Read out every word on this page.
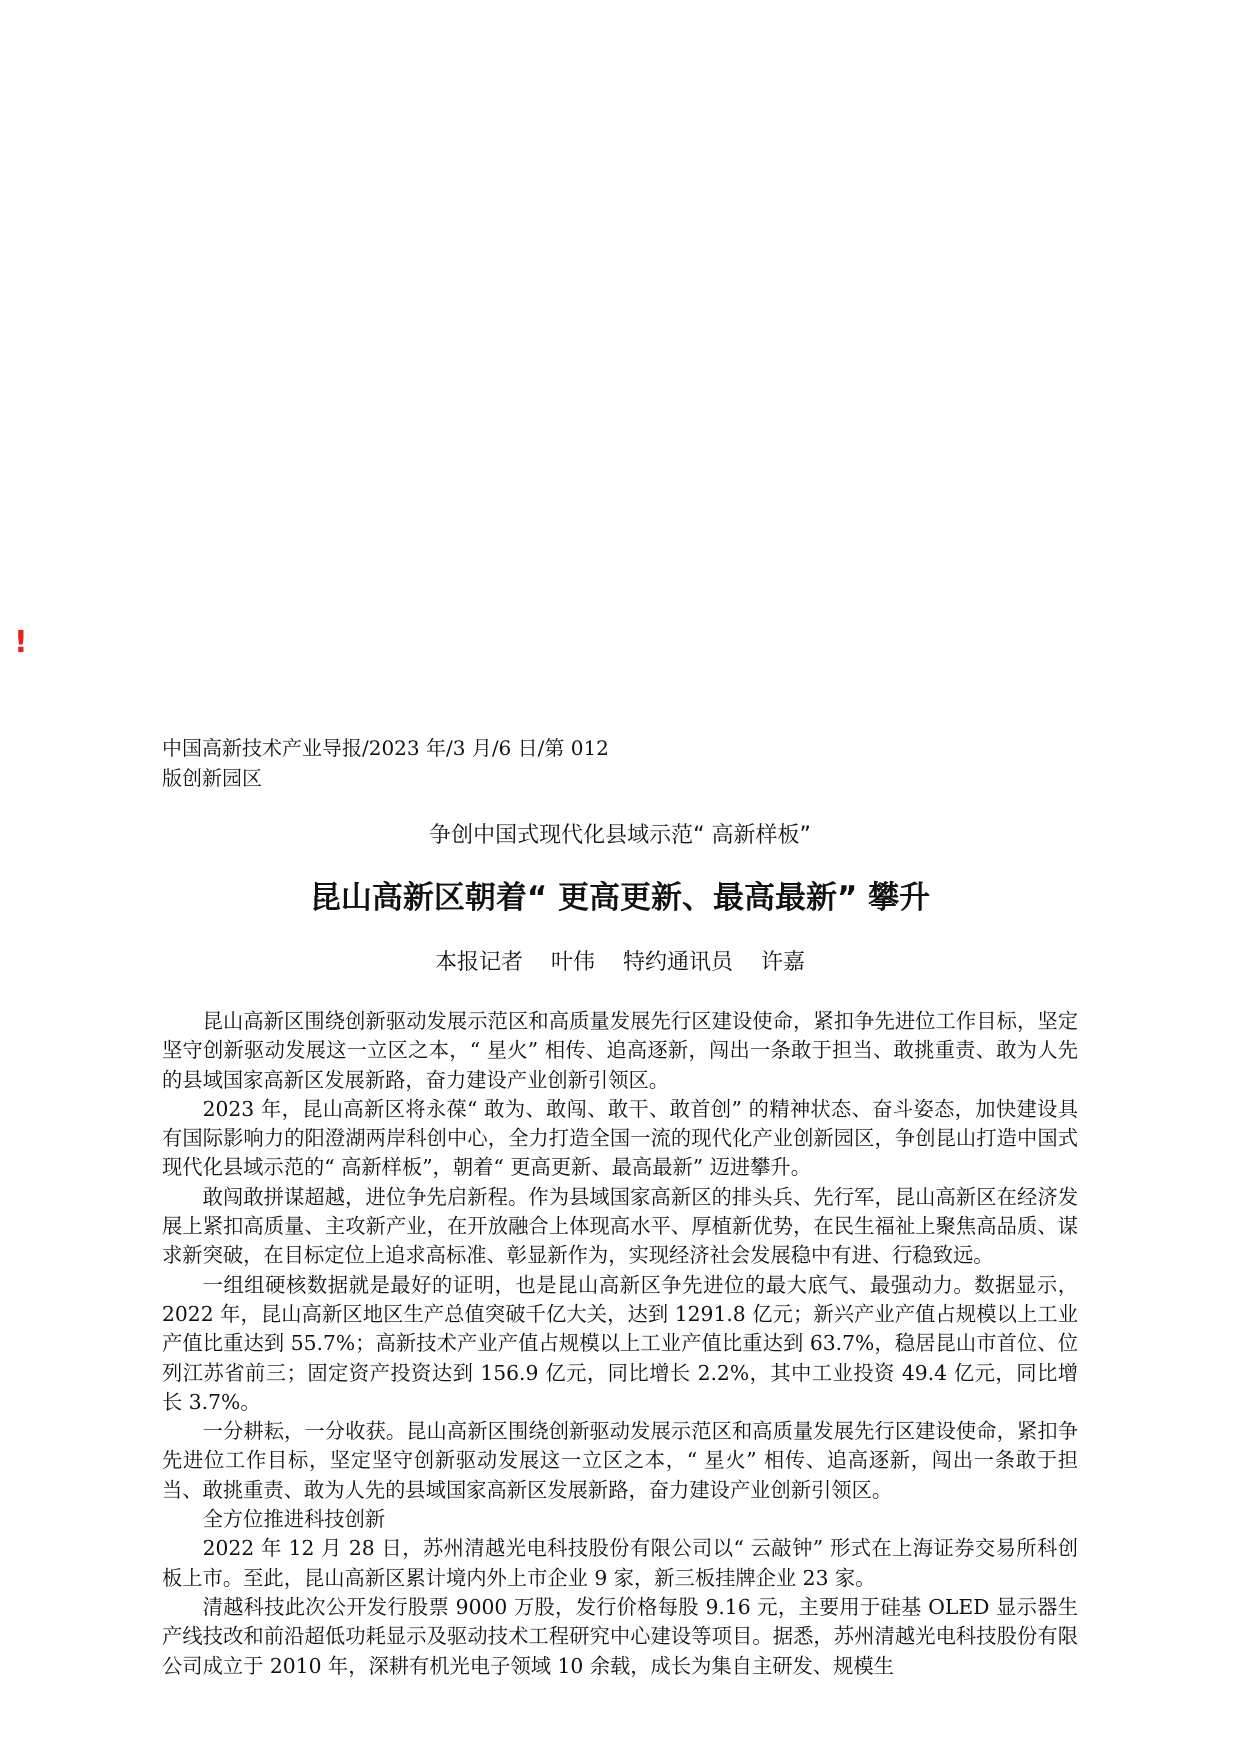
!
中国高新技术产业导报/2023 年/3 月/6 日/第 012
版创新园区
争创中国式现代化县域示范“ 高新样板”
昆山高新区朝着“ 更高更新、最高最新” 攀升
本报记者    叶伟    特约通讯员    许嘉

昆山高新区围绕创新驱动发展示范区和高质量发展先行区建设使命，紧扣争先进位工作目标，坚定坚守创新驱动发展这一立区之本，“ 星火” 相传、追高逐新，闯出一条敢于担当、敢挑重责、敢为人先的县域国家高新区发展新路，奋力建设产业创新引领区。

2023 年，昆山高新区将永葆“ 敢为、敢闯、敢干、敢首创” 的精神状态、奋斗姿态，加快建设具有国际影响力的阳澄湖两岸科创中心，全力打造全国一流的现代化产业创新园区，争创昆山打造中国式现代化县域示范的“ 高新样板”，朝着“ 更高更新、最高最新” 迈进攀升。

敢闯敢拼谋超越，进位争先启新程。作为县域国家高新区的排头兵、先行军，昆山高新区在经济发展上紧扣高质量、主攻新产业，在开放融合上体现高水平、厚植新优势，在民生福祉上聚焦高品质、谋求新突破，在目标定位上追求高标准、彰显新作为，实现经济社会发展稳中有进、行稳致远。

一组组硬核数据就是最好的证明，也是昆山高新区争先进位的最大底气、最强动力。数据显示，2022 年，昆山高新区地区生产总值突破千亿大关，达到 1291.8 亿元；新兴产业产值占规模以上工业产值比重达到 55.7%；高新技术产业产值占规模以上工业产值比重达到 63.7%，稳居昆山市首位、位列江苏省前三；固定资产投资达到 156.9 亿元，同比增长 2.2%，其中工业投资 49.4 亿元，同比增长 3.7%。

一分耕耘，一分收获。昆山高新区围绕创新驱动发展示范区和高质量发展先行区建设使命，紧扣争先进位工作目标，坚定坚守创新驱动发展这一立区之本，“ 星火” 相传、追高逐新，闯出一条敢于担当、敢挑重责、敢为人先的县域国家高新区发展新路，奋力建设产业创新引领区。

全方位推进科技创新

2022 年 12 月 28 日，苏州清越光电科技股份有限公司以“ 云敲钟” 形式在上海证券交易所科创板上市。至此，昆山高新区累计境内外上市企业 9 家，新三板挂牌企业 23 家。

清越科技此次公开发行股票 9000 万股，发行价格每股 9.16 元，主要用于硅基 OLED 显示器生产线技改和前沿超低功耗显示及驱动技术工程研究中心建设等项目。据悉，苏州清越光电科技股份有限公司成立于 2010 年，深耕有机光电子领域 10 余载，成长为集自主研发、规模生
